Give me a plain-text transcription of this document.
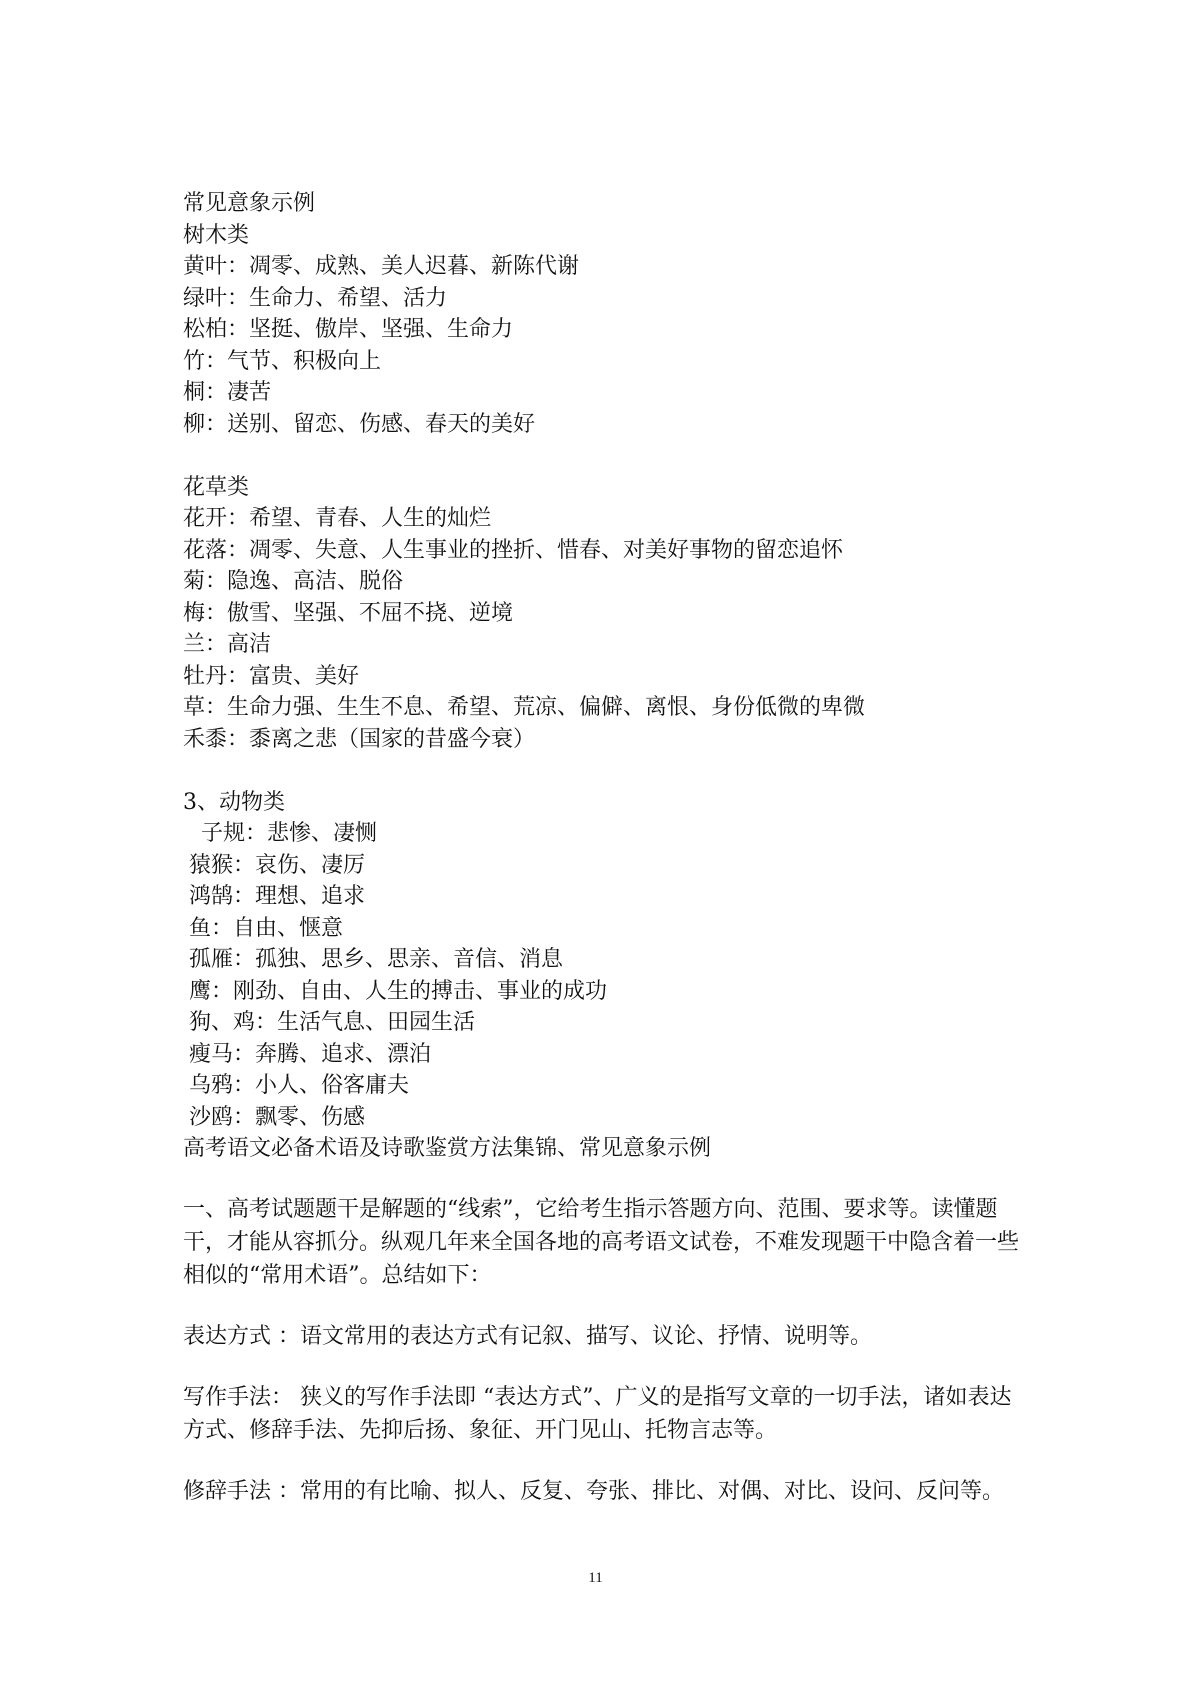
常见意象示例
树木类
黄叶：凋零、成熟、美人迟暮、新陈代谢
绿叶：生命力、希望、活力
松柏：坚挺、傲岸、坚强、生命力
竹：气节、积极向上
桐：凄苦
柳：送别、留恋、伤感、春天的美好
花草类
花开：希望、青春、人生的灿烂
花落：凋零、失意、人生事业的挫折、惜春、对美好事物的留恋追怀
菊：隐逸、高洁、脱俗
梅：傲雪、坚强、不屈不挠、逆境
兰：高洁
牡丹：富贵、美好
草：生命力强、生生不息、希望、荒凉、偏僻、离恨、身份低微的卑微
禾黍：黍离之悲（国家的昔盛今衰）
3、动物类
子规：悲惨、凄恻
猿猴：哀伤、凄厉
鸿鹄：理想、追求
鱼：自由、惬意
孤雁：孤独、思乡、思亲、音信、消息
鹰：刚劲、自由、人生的搏击、事业的成功
狗、鸡：生活气息、田园生活
瘦马：奔腾、追求、漂泊
乌鸦：小人、俗客庸夫
沙鸥：飘零、伤感
高考语文必备术语及诗歌鉴赏方法集锦、常见意象示例
一、高考试题题干是解题的“线索”，它给考生指示答题方向、范围、要求等。读懂题干，才能从容抓分。纵观几年来全国各地的高考语文试卷，不难发现题干中隐含着一些相似的“常用术语”。总结如下：
表达方式 ：语文常用的表达方式有记叙、描写、议论、抒情、说明等。
写作手法： 狭义的写作手法即 “表达方式”、广义的是指写文章的一切手法，诸如表达方式、修辞手法、先抑后扬、象征、开门见山、托物言志等。
修辞手法 ：常用的有比喻、拟人、反复、夸张、排比、对偶、对比、设问、反问等。
11
